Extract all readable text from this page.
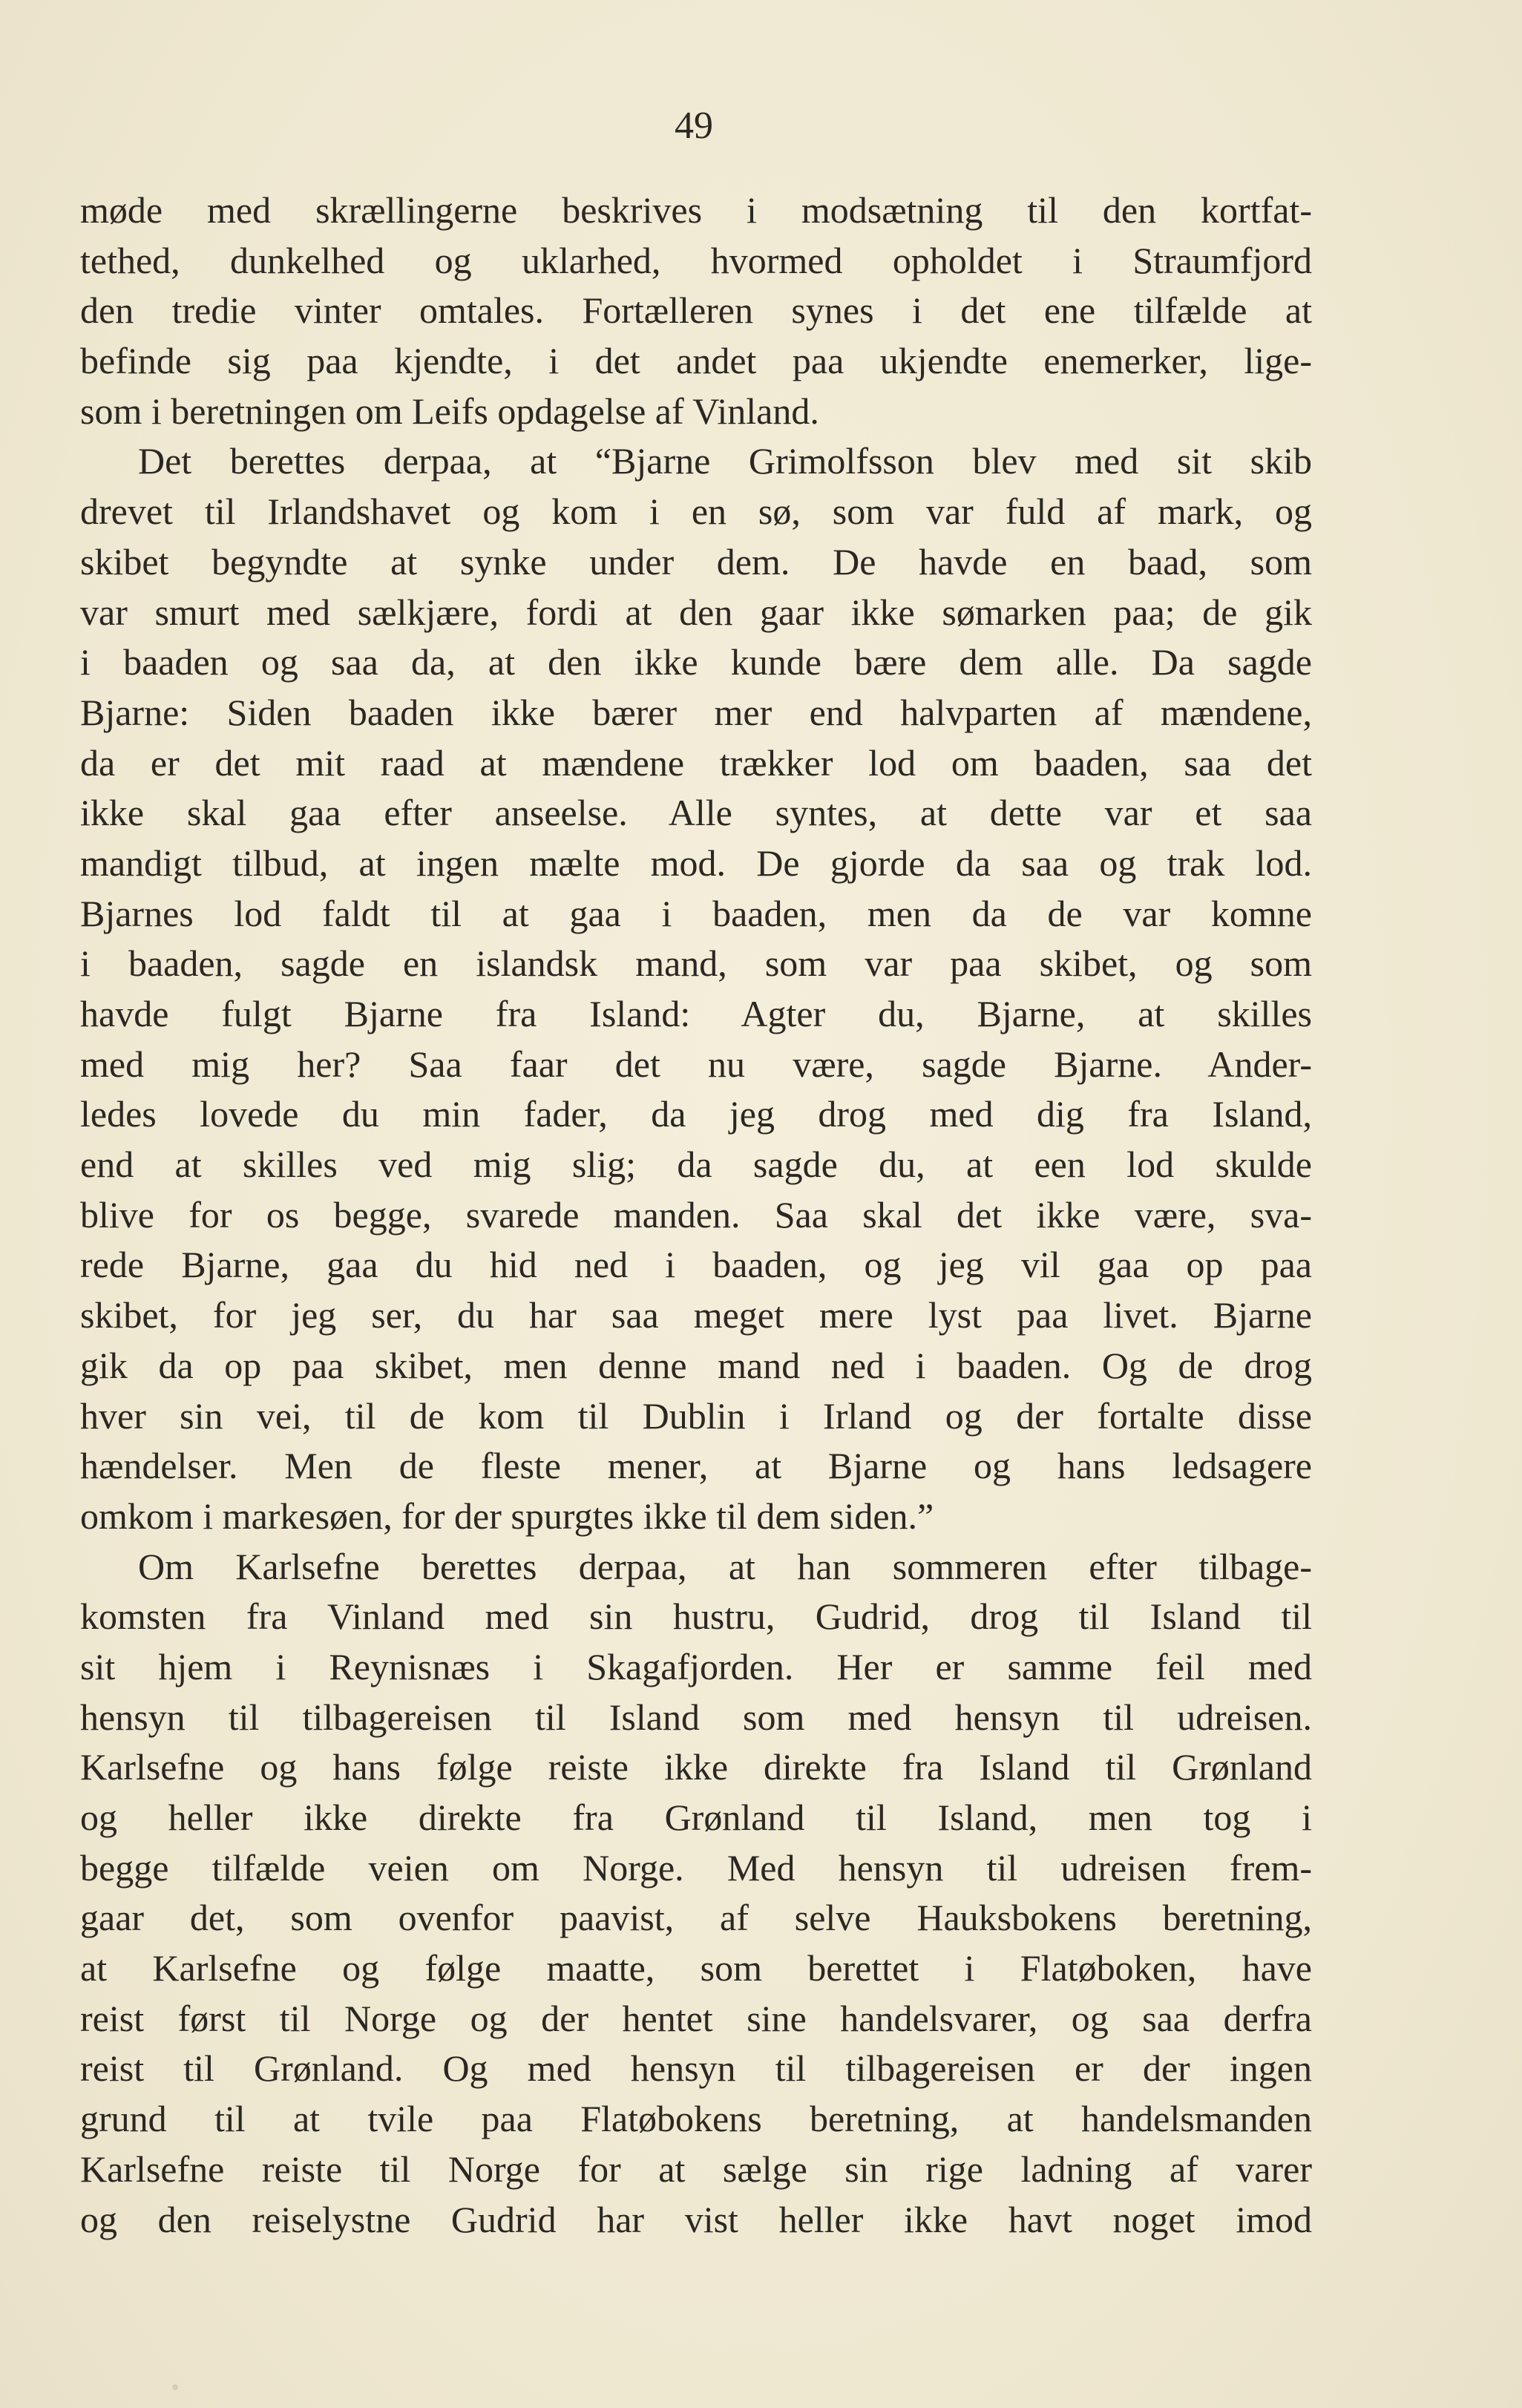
49
møde med skrællingerne beskrives i modsætning til den kortfat-
tethed, dunkelhed og uklarhed, hvormed opholdet i Straumfjord
den tredie vinter omtales. Fortælleren synes i det ene tilfælde at
befinde sig paa kjendte, i det andet paa ukjendte enemerker, lige-
som i beretningen om Leifs opdagelse af Vinland.
Det berettes derpaa, at “Bjarne Grimolfsson blev med sit skib
drevet til Irlandshavet og kom i en sø, som var fuld af mark, og
skibet begyndte at synke under dem. De havde en baad, som
var smurt med sælkjære, fordi at den gaar ikke sømarken paa; de gik
i baaden og saa da, at den ikke kunde bære dem alle. Da sagde
Bjarne: Siden baaden ikke bærer mer end halvparten af mændene,
da er det mit raad at mændene trækker lod om baaden, saa det
ikke skal gaa efter anseelse. Alle syntes, at dette var et saa
mandigt tilbud, at ingen mælte mod. De gjorde da saa og trak lod.
Bjarnes lod faldt til at gaa i baaden, men da de var komne
i baaden, sagde en islandsk mand, som var paa skibet, og som
havde fulgt Bjarne fra Island: Agter du, Bjarne, at skilles
med mig her? Saa faar det nu være, sagde Bjarne. Ander-
ledes lovede du min fader, da jeg drog med dig fra Island,
end at skilles ved mig slig; da sagde du, at een lod skulde
blive for os begge, svarede manden. Saa skal det ikke være, sva-
rede Bjarne, gaa du hid ned i baaden, og jeg vil gaa op paa
skibet, for jeg ser, du har saa meget mere lyst paa livet. Bjarne
gik da op paa skibet, men denne mand ned i baaden. Og de drog
hver sin vei, til de kom til Dublin i Irland og der fortalte disse
hændelser. Men de fleste mener, at Bjarne og hans ledsagere
omkom i markesøen, for der spurgtes ikke til dem siden.”
Om Karlsefne berettes derpaa, at han sommeren efter tilbage-
komsten fra Vinland med sin hustru, Gudrid, drog til Island til
sit hjem i Reynisnæs i Skagafjorden. Her er samme feil med
hensyn til tilbagereisen til Island som med hensyn til udreisen.
Karlsefne og hans følge reiste ikke direkte fra Island til Grønland
og heller ikke direkte fra Grønland til Island, men tog i
begge tilfælde veien om Norge. Med hensyn til udreisen frem-
gaar det, som ovenfor paavist, af selve Hauksbokens beretning,
at Karlsefne og følge maatte, som berettet i Flatøboken, have
reist først til Norge og der hentet sine handelsvarer, og saa derfra
reist til Grønland. Og med hensyn til tilbagereisen er der ingen
grund til at tvile paa Flatøbokens beretning, at handelsmanden
Karlsefne reiste til Norge for at sælge sin rige ladning af varer
og den reiselystne Gudrid har vist heller ikke havt noget imod
